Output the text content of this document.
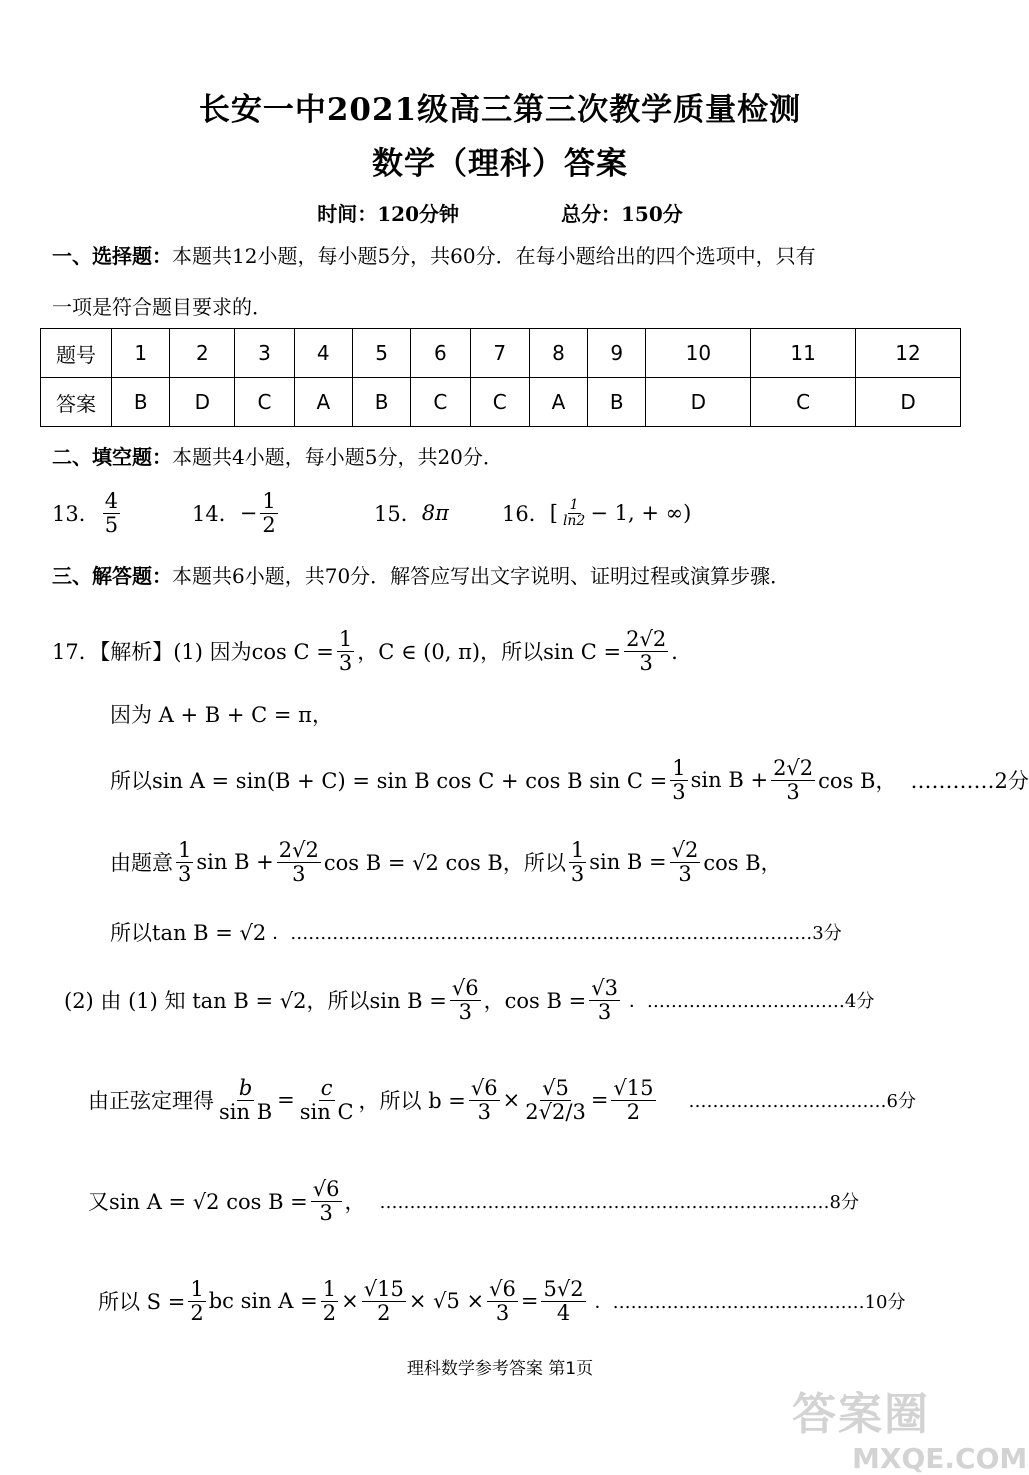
长安一中2021级高三第三次教学质量检测
数学（理科）答案
时间：120分钟	总分：150分
一、选择题：本题共12小题，每小题5分，共60分．在每小题给出的四个选项中，只有
一项是符合题目要求的．
题号	1	2	3	4	5	6	7	8	9	10	11	12
答案	B	D	C	A	B	C	C	A	B	D	C	D
二、填空题：本题共4小题，每小题5分，共20分．
13． $\frac{4}{5}$	14． − $\frac{1}{2}$	15． 8π	16． [ $\frac{1}{\ln 2} - 1$, + ∞)
三、解答题：本题共6小题，共70分．解答应写出文字说明、证明过程或演算步骤．
17．【解析】(1) 因为$\cos C = \frac{1}{3}$ ，C ∈ (0, π)，所以$\sin C = \frac{2√2}{3}$ ．
因为 A + B + C = π，
所以sin A = sin(B + C) = sin B cos C + cos B $\sin C = \frac{1}{3}$ $\sin B + \frac{2√2}{3}$ cos B， …………2分
由题意 $\frac{1}{3}$ $\sin B + \frac{2√2}{3}$ cos B = √2 cos B，所以 $\frac{1}{3}$ $\sin B = \frac{√2}{3}$ cos B，
所以tan B = √2 ．……………………………………………………………………………3分
(2) 由 (1) 知 tan B = √2，所以$\sin B = \frac{√6}{3}$ ，$\cos B = \frac{√3}{3}$ ．……………………………4分
由正弦定理得 $\frac{b}{\text{sin B}} = \frac{c}{\text{sin C}}$ ，所以 $b = \frac{√6}{3} \times \frac{√5}{2√2/3} = \frac{√15}{2}$ ……………………………6分
又sin A = √2 $\cos B = \frac{√6}{3}$ ， …………………………………………………………………8分
所以 $S = \frac{1}{2}$ bc $\sin A = \frac{1}{2} \times \frac{√15}{2} \times √5 \times \frac{√6}{3} = \frac{5√2}{4}$ ．……………………………………10分
理科数学参考答案 第1页
答案圈
MXQE.COM
